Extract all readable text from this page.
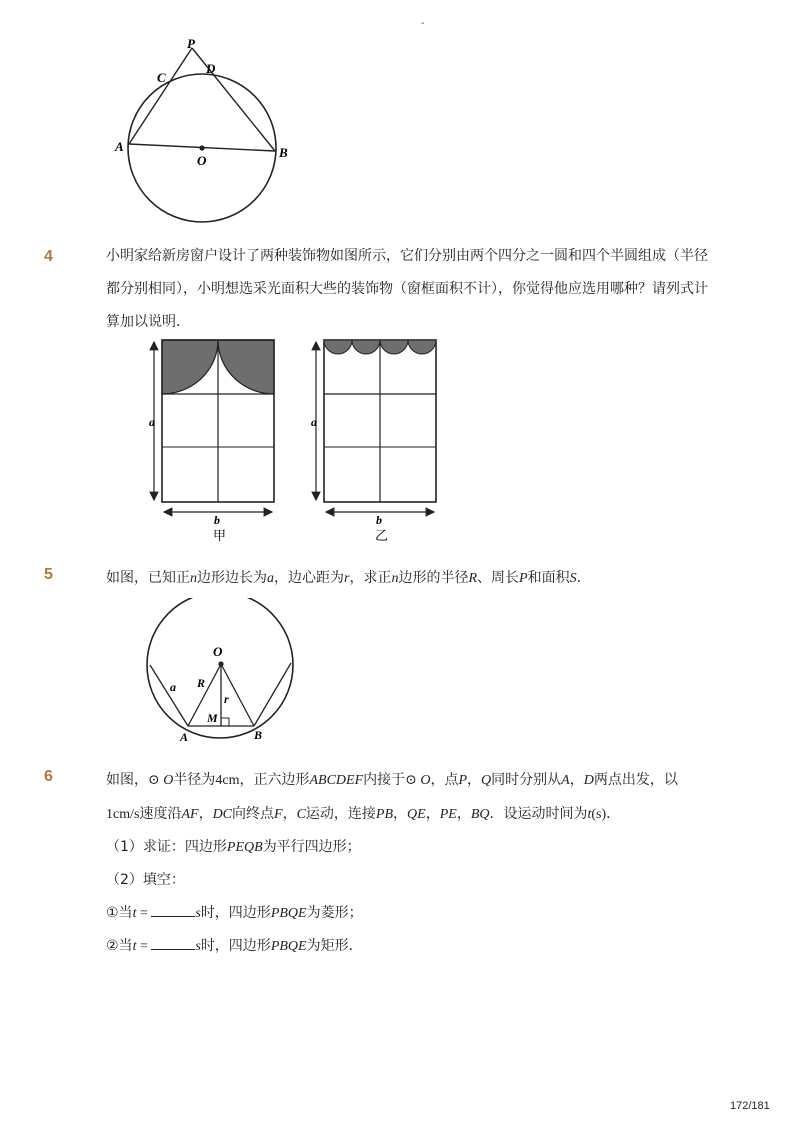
-
P
C
D
A
O
B
4	小明家给新房窗户设计了两种装饰物如图所示，它们分别由两个四分之一圆和四个半圆组成（半径都分别相同），小明想选采光面积大些的装饰物（窗框面积不计），你觉得他应选用哪种？请列式计算加以说明．
a
b
甲
a
b
乙
5	如图，已知正n边形边长为a，边心距为r，求正n边形的半径R、周长P和面积S．
O
R
r
a
M
A	B
6	如图，⊙ O半径为4cm，正六边形ABCDEF内接于⊙ O，点P，Q同时分别从A，D两点出发，以
1cm/s速度沿AF，DC向终点F，C运动，连接PB，QE，PE，BQ．设运动时间为t(s)．
（1）求证：四边形PEQB为平行四边形；
（2）填空：
①当t =	s时，四边形PBQE为菱形；
②当t =	s时，四边形PBQE为矩形．
172/181
